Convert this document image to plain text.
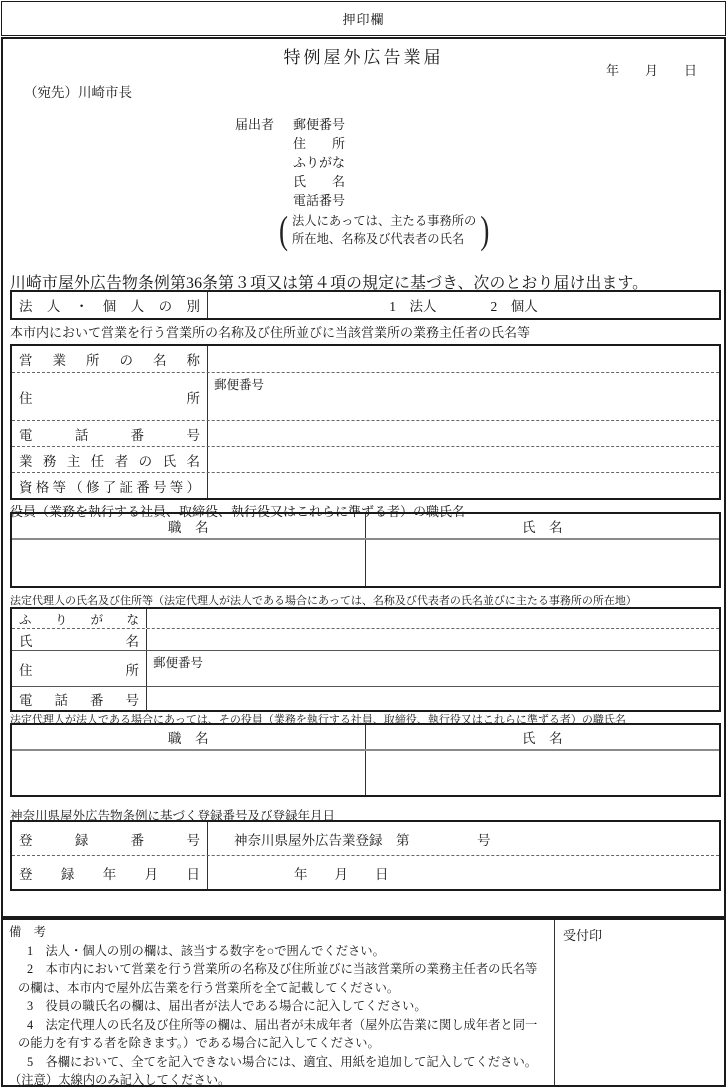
押印欄
特例屋外広告業届
年　　月　　日
（宛先）川崎市長
届出者	郵便番号
住　　所
ふりがな
氏　　名
電話番号
( 法人にあっては、主たる事務所の
所在地、名称及び代表者の氏名 )
川崎市屋外広告物条例第36条第３項又は第４項の規定に基づき、次のとおり届け出ます。
法人・個人の別	1　法人　　　　2　個人
本市内において営業を行う営業所の名称及び住所並びに当該営業所の業務主任者の氏名等
営業所の名称
住所
郵便番号
電話番号
業務主任者の氏名
資格等（修了証番号等）
役員（業務を執行する社員、取締役、執行役又はこれらに準ずる者）の職氏名
職　名	氏　名
法定代理人の氏名及び住所等（法定代理人が法人である場合にあっては、名称及び代表者の氏名並びに主たる事務所の所在地）
ふりがな
氏名
住所 郵便番号
電話番号
法定代理人が法人である場合にあっては、その役員（業務を執行する社員、取締役、執行役又はこれらに準ずる者）の職氏名
職　名	氏　名
神奈川県屋外広告物条例に基づく登録番号及び登録年月日
登録番号	神奈川県屋外広告業登録　第　　　　　号
登録年月日	年　　月　　日
備　考
1　法人・個人の別の欄は、該当する数字を○で囲んでください。
2　本市内において営業を行う営業所の名称及び住所並びに当該営業所の業務主任者の氏名等
の欄は、本市内で屋外広告業を行う営業所を全て記載してください。
3　役員の職氏名の欄は、届出者が法人である場合に記入してください。
4　法定代理人の氏名及び住所等の欄は、届出者が未成年者（屋外広告業に関し成年者と同一
の能力を有する者を除きます。）である場合に記入してください。
5　各欄において、全てを記入できない場合には、適宜、用紙を追加して記入してください。
（注意）太線内のみ記入してください。
受付印
